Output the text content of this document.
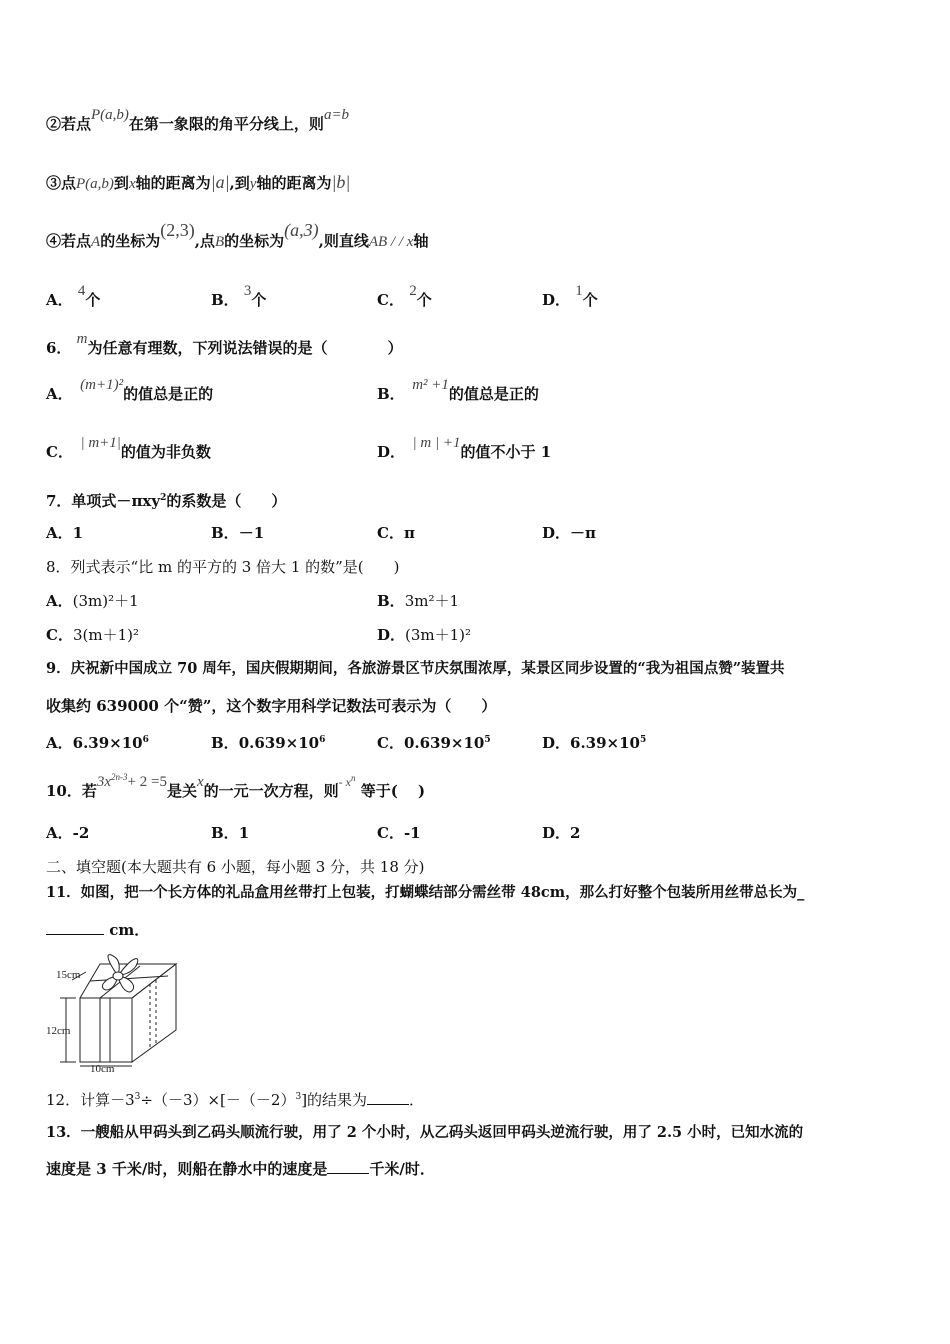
②若点P(a,b)在第一象限的角平分线上，则a=b
③点P(a,b)到x轴的距离为|a|,到y轴的距离为|b|
④若点A的坐标为(2,3),点B的坐标为(a,3),则直线AB / / x轴
A． 4个	B． 3个	C． 2个	D． 1个
6． m为任意有理数，下列说法错误的是（　　　　）
A．　 (m+1)²的值总是正的	B．　 m² +1的值总是正的
C．　 | m+1|的值为非负数	D．　 | m | +1的值不小于 1
7．单项式－πxy$^2$的系数是（　　）
A．1	B．－1	C．π	D．－π
8．列式表示“比 m 的平方的 3 倍大 1 的数”是(　　)
A．(3m)²＋1	B．3m²＋1
C．3(m＋1)²	D．(3m＋1)²
9．庆祝新中国成立 70 周年，国庆假期期间，各旅游景区节庆氛围浓厚，某景区同步设置的“我为祖国点赞”装置共
收集约 639000 个“赞”，这个数字用科学记数法可表示为（　　）
A．$6.39\times 10^6$	B．$0.639\times 10^6$	C．$0.639\times 10^5$	D．$6.39\times 10^5$
10．若$3x^{2n-3}+ 2 =5$是关x的一元一次方程，则$^{- x^n}$ 等于(　 )
A．-2	B．1	C．-1	D．2
二、填空题(本大题共有 6 小题，每小题 3 分，共 18 分)
11．如图，把一个长方体的礼品盒用丝带打上包装，打蝴蝶结部分需丝带 48cm，那么打好整个包装所用丝带总长为_
cm．
15cm
12cm
10cm
12．计算$-3^3\div(-3)\times[-(-2)^3]$的结果为	．
13．一艘船从甲码头到乙码头顺流行驶，用了 2 个小时，从乙码头返回甲码头逆流行驶，用了 2.5 小时，已知水流的
速度是 3 千米/时，则船在静水中的速度是	千米/时．
